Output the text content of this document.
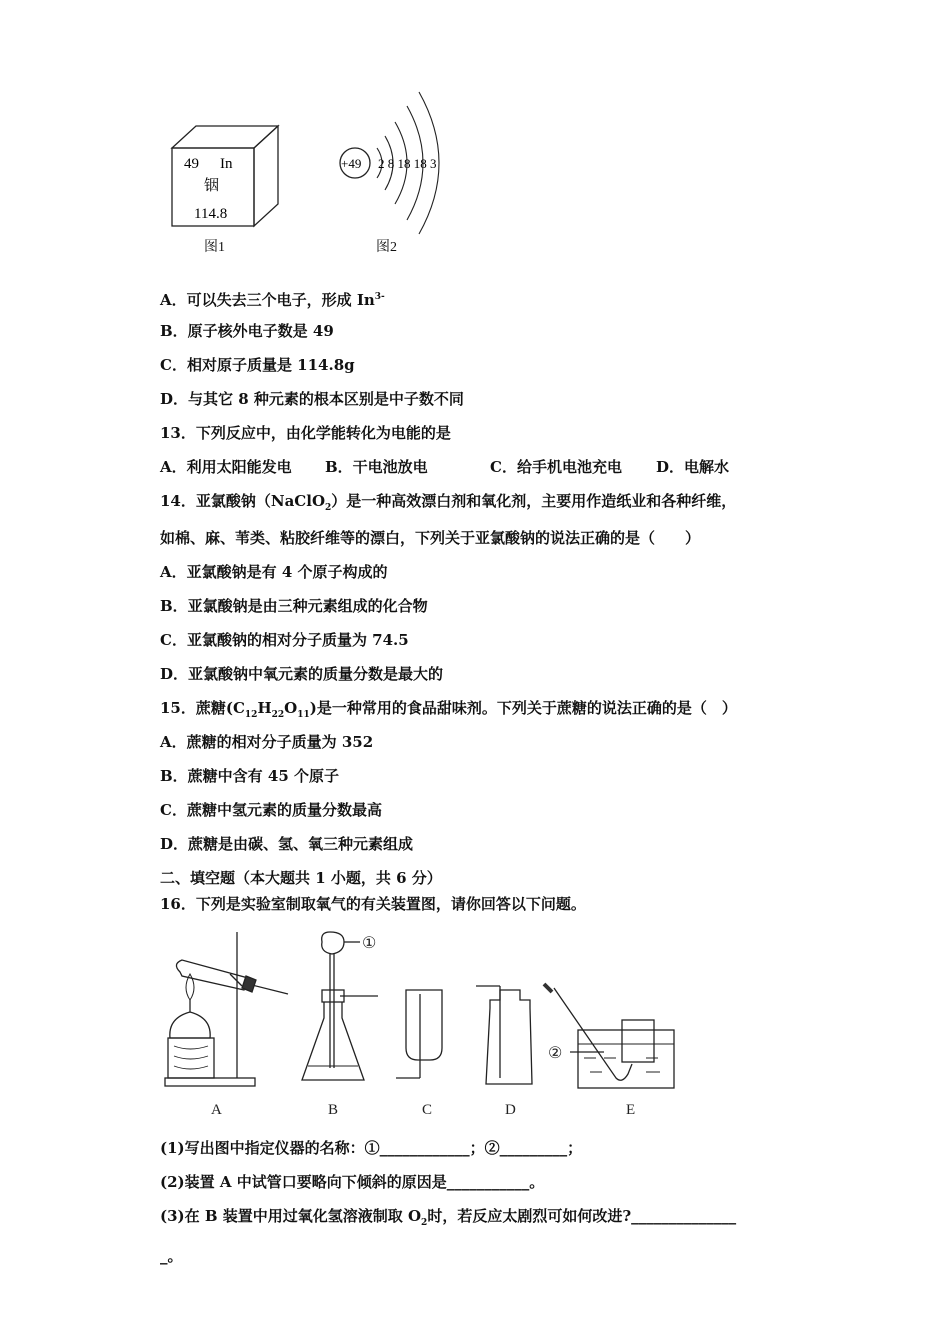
49 In
铟
114.8
图1
+49 2 8 18 18 3
图2
A．可以失去三个电子，形成 $In^{3-}$
B．原子核外电子数是 49
C．相对原子质量是 114.8g
D．与其它 8 种元素的根本区别是中子数不同
13．下列反应中，由化学能转化为电能的是
A．利用太阳能发电 B．干电池放电	C．给手机电池充电 D．电解水
14．亚氯酸钠（NaClO$_2$）是一种高效漂白剂和氧化剂，主要用作造纸业和各种纤维，
如棉、麻、苇类、粘胶纤维等的漂白，下列关于亚氯酸钠的说法正确的是（　　）
A．亚氯酸钠是有 4 个原子构成的
B．亚氯酸钠是由三种元素组成的化合物
C．亚氯酸钠的相对分子质量为 74.5
D．亚氯酸钠中氧元素的质量分数是最大的
15．蔗糖$(C_{12}H_{22}O_{11})$是一种常用的食品甜味剂。下列关于蔗糖的说法正确的是（　）
A．蔗糖的相对分子质量为 352
B．蔗糖中含有 45 个原子
C．蔗糖中氢元素的质量分数最高
D．蔗糖是由碳、氢、氧三种元素组成
二、填空题（本大题共 1 小题，共 6 分）
16．下列是实验室制取氧气的有关装置图，请你回答以下问题。
A
①
B	C	D
②
E
(1)写出图中指定仪器的名称：①____________；②_________；
(2)装置 A 中试管口要略向下倾斜的原因是___________。
(3)在 B 装置中用过氧化氢溶液制取 $O_2$时，若反应太剧烈可如何改进?______________
_。
